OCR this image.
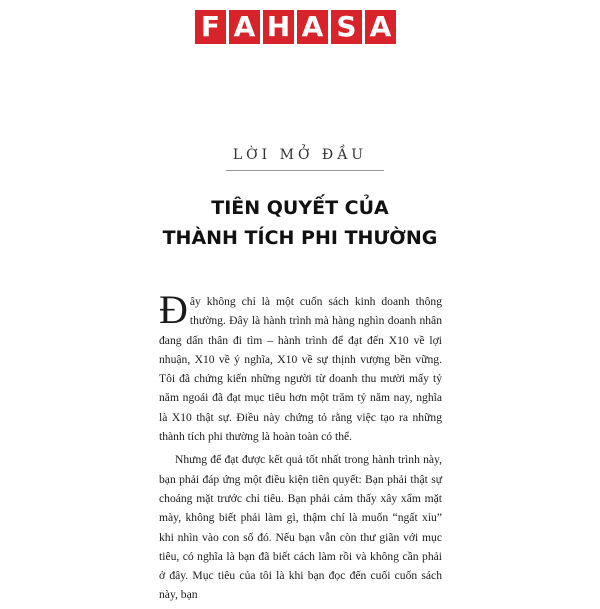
F A H A S A
LỜI MỞ ĐẦU
TIÊN QUYẾT CỦA
THÀNH TÍCH PHI THƯỜNG

Đây không chỉ là một cuốn sách kinh doanh thông thường. Đây là hành trình mà hàng nghìn doanh nhân đang dấn thân đi tìm – hành trình để đạt đến X10 về lợi nhuận, X10 về ý nghĩa, X10 về sự thịnh vượng bền vững. Tôi đã chứng kiến những người từ doanh thu mười mấy tỷ năm ngoái đã đạt mục tiêu hơn một trăm tỷ năm nay, nghĩa là X10 thật sự. Điều này chứng tỏ rằng việc tạo ra những thành tích phi thường là hoàn toàn có thể.

Nhưng để đạt được kết quả tốt nhất trong hành trình này, bạn phải đáp ứng một điều kiện tiên quyết: Bạn phải thật sự choáng mặt trước chỉ tiêu. Bạn phải cảm thấy xây xẩm mặt mày, không biết phải làm gì, thậm chí là muốn “ngất xỉu” khi nhìn vào con số đó. Nếu bạn vẫn còn thư giãn với mục tiêu, có nghĩa là bạn đã biết cách làm rồi và không cần phải ở đây. Mục tiêu của tôi là khi bạn đọc đến cuối cuốn sách này, bạn
